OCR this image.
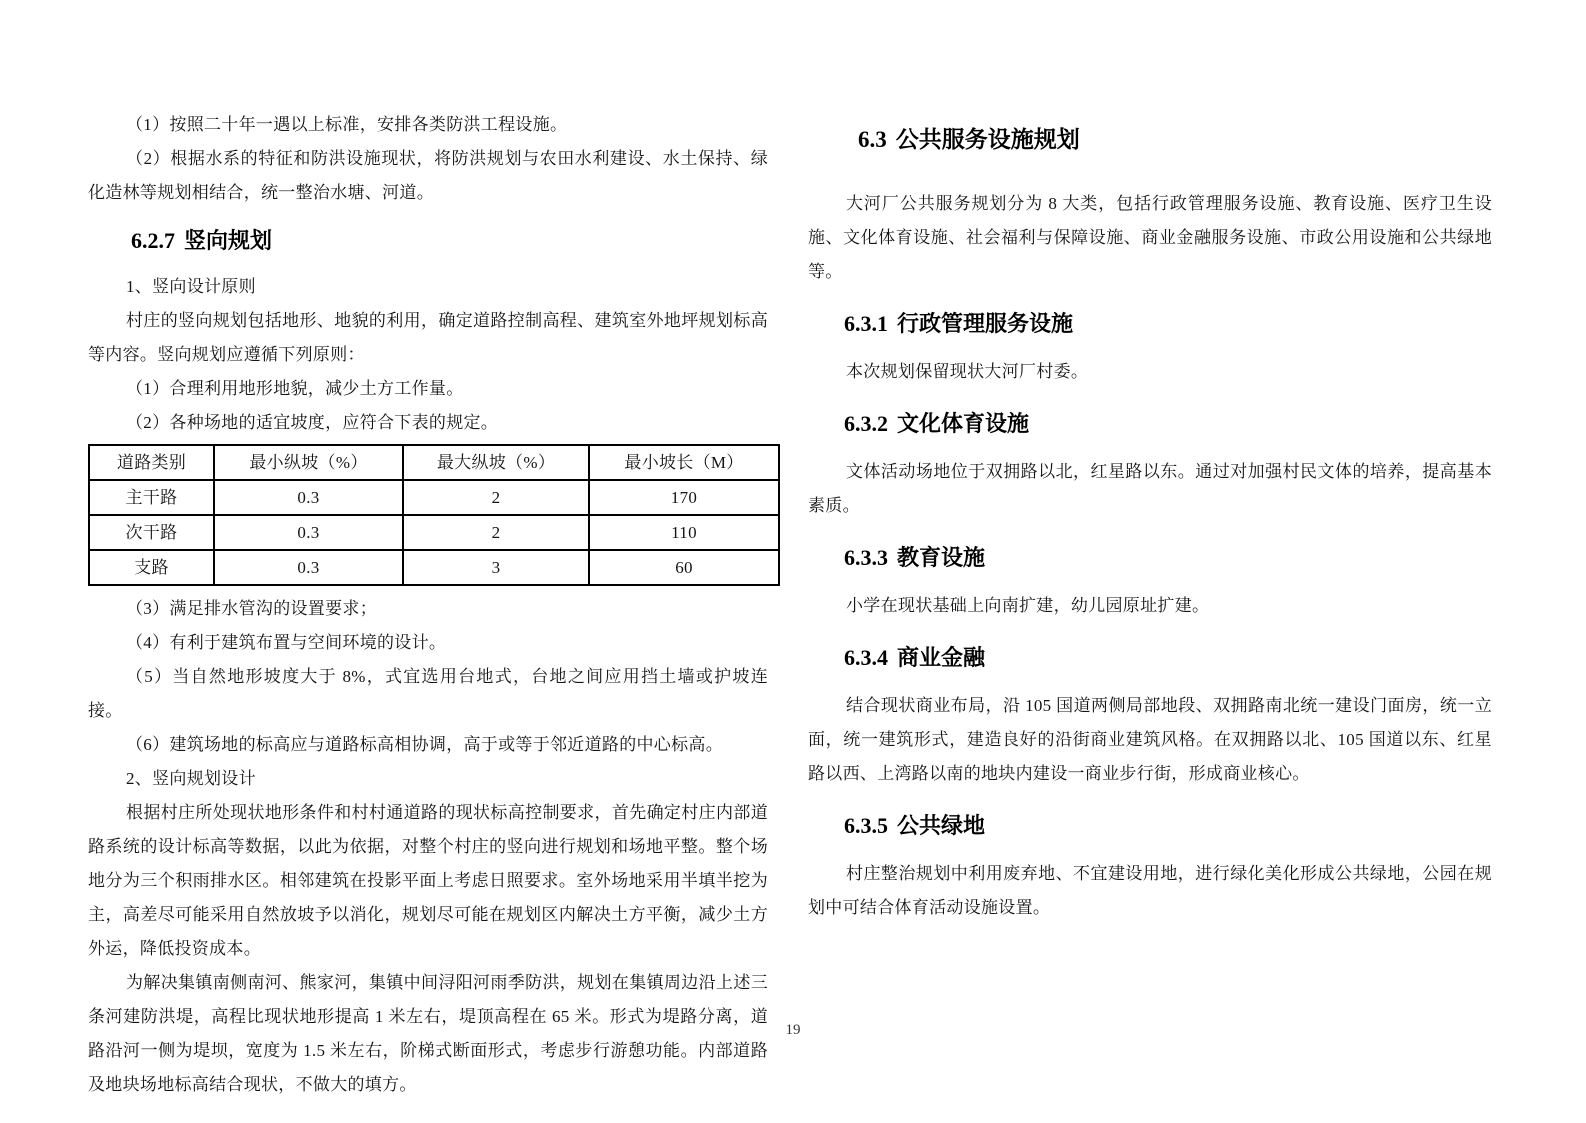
（1）按照二十年一遇以上标准，安排各类防洪工程设施。

（2）根据水系的特征和防洪设施现状，将防洪规划与农田水利建设、水土保持、绿化造林等规划相结合，统一整治水塘、河道。

6.2.7 竖向规划

1、竖向设计原则

村庄的竖向规划包括地形、地貌的利用，确定道路控制高程、建筑室外地坪规划标高等内容。竖向规划应遵循下列原则：

（1）合理利用地形地貌，减少土方工作量。

（2）各种场地的适宜坡度，应符合下表的规定。

道路类别	最小纵坡（%）	最大纵坡（%）	最小坡长（M）
主干路	0.3	2	170
次干路	0.3	2	110
支路	0.3	3	60

（3）满足排水管沟的设置要求；

（4）有利于建筑布置与空间环境的设计。

（5）当自然地形坡度大于 8%，式宜选用台地式，台地之间应用挡土墙或护坡连接。

（6）建筑场地的标高应与道路标高相协调，高于或等于邻近道路的中心标高。

2、竖向规划设计

根据村庄所处现状地形条件和村村通道路的现状标高控制要求，首先确定村庄内部道路系统的设计标高等数据，以此为依据，对整个村庄的竖向进行规划和场地平整。整个场地分为三个积雨排水区。相邻建筑在投影平面上考虑日照要求。室外场地采用半填半挖为主，高差尽可能采用自然放坡予以消化，规划尽可能在规划区内解决土方平衡，减少土方外运，降低投资成本。

为解决集镇南侧南河、熊家河，集镇中间浔阳河雨季防洪，规划在集镇周边沿上述三条河建防洪堤，高程比现状地形提高 1 米左右，堤顶高程在 65 米。形式为堤路分离，道路沿河一侧为堤坝，宽度为 1.5 米左右，阶梯式断面形式，考虑步行游憩功能。内部道路及地块场地标高结合现状，不做大的填方。

6.3 公共服务设施规划

大河厂公共服务规划分为 8 大类，包括行政管理服务设施、教育设施、医疗卫生设施、文化体育设施、社会福利与保障设施、商业金融服务设施、市政公用设施和公共绿地等。

6.3.1 行政管理服务设施

本次规划保留现状大河厂村委。

6.3.2 文化体育设施

文体活动场地位于双拥路以北，红星路以东。通过对加强村民文体的培养，提高基本素质。

6.3.3 教育设施

小学在现状基础上向南扩建，幼儿园原址扩建。

6.3.4 商业金融

结合现状商业布局，沿 105 国道两侧局部地段、双拥路南北统一建设门面房，统一立面，统一建筑形式，建造良好的沿街商业建筑风格。在双拥路以北、105 国道以东、红星路以西、上湾路以南的地块内建设一商业步行街，形成商业核心。

6.3.5 公共绿地

村庄整治规划中利用废弃地、不宜建设用地，进行绿化美化形成公共绿地，公园在规划中可结合体育活动设施设置。

19
